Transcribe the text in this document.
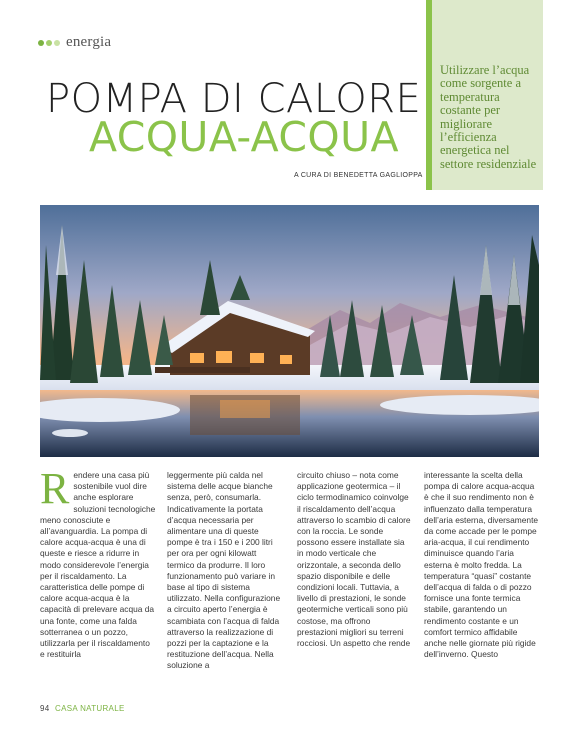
energia
POMPA DI CALORE
ACQUA-ACQUA
A CURA DI BENEDETTA GAGLIOPPA
Utilizzare l’acqua come sorgente a temperatura costante per migliorare l’efficienza energetica nel settore residenziale
R endere una casa più sostenibile vuol dire anche esplorare soluzioni tecnologiche meno conosciute e all’avanguardia. La pompa di calore acqua-acqua è una di queste e riesce a ridurre in modo considerevole l’energia per il riscaldamento. La caratteristica delle pompe di calore acqua-acqua è la capacità di prelevare acqua da una fonte, come una falda sotterranea o un pozzo, utilizzarla per il riscaldamento e restituirla

leggermente più calda nel sistema delle acque bianche senza, però, consumarla. Indicativamente la portata d’acqua necessaria per alimentare una di queste pompe è tra i 150 e i 200 litri per ora per ogni kilowatt termico da produrre. Il loro funzionamento può variare in base al tipo di sistema utilizzato. Nella configurazione a circuito aperto l’energia è scambiata con l’acqua di falda attraverso la realizzazione di pozzi per la captazione e la restituzione dell’acqua. Nella soluzione a

circuito chiuso – nota come applicazione geotermica – il ciclo termodinamico coinvolge il riscaldamento dell’acqua attraverso lo scambio di calore con la roccia. Le sonde possono essere installate sia in modo verticale che orizzontale, a seconda dello spazio disponibile e delle condizioni locali. Tuttavia, a livello di prestazioni, le sonde geotermiche verticali sono più costose, ma offrono prestazioni migliori su terreni rocciosi. Un aspetto che rende

interessante la scelta della pompa di calore acqua-acqua è che il suo rendimento non è influenzato dalla temperatura dell’aria esterna, diversamente da come accade per le pompe aria-acqua, il cui rendimento diminuisce quando l’aria esterna è molto fredda. La temperatura “quasi” costante dell’acqua di falda o di pozzo fornisce una fonte termica stabile, garantendo un rendimento costante e un comfort termico affidabile anche nelle giornate più rigide dell’inverno. Questo

94 CASA NATURALE
